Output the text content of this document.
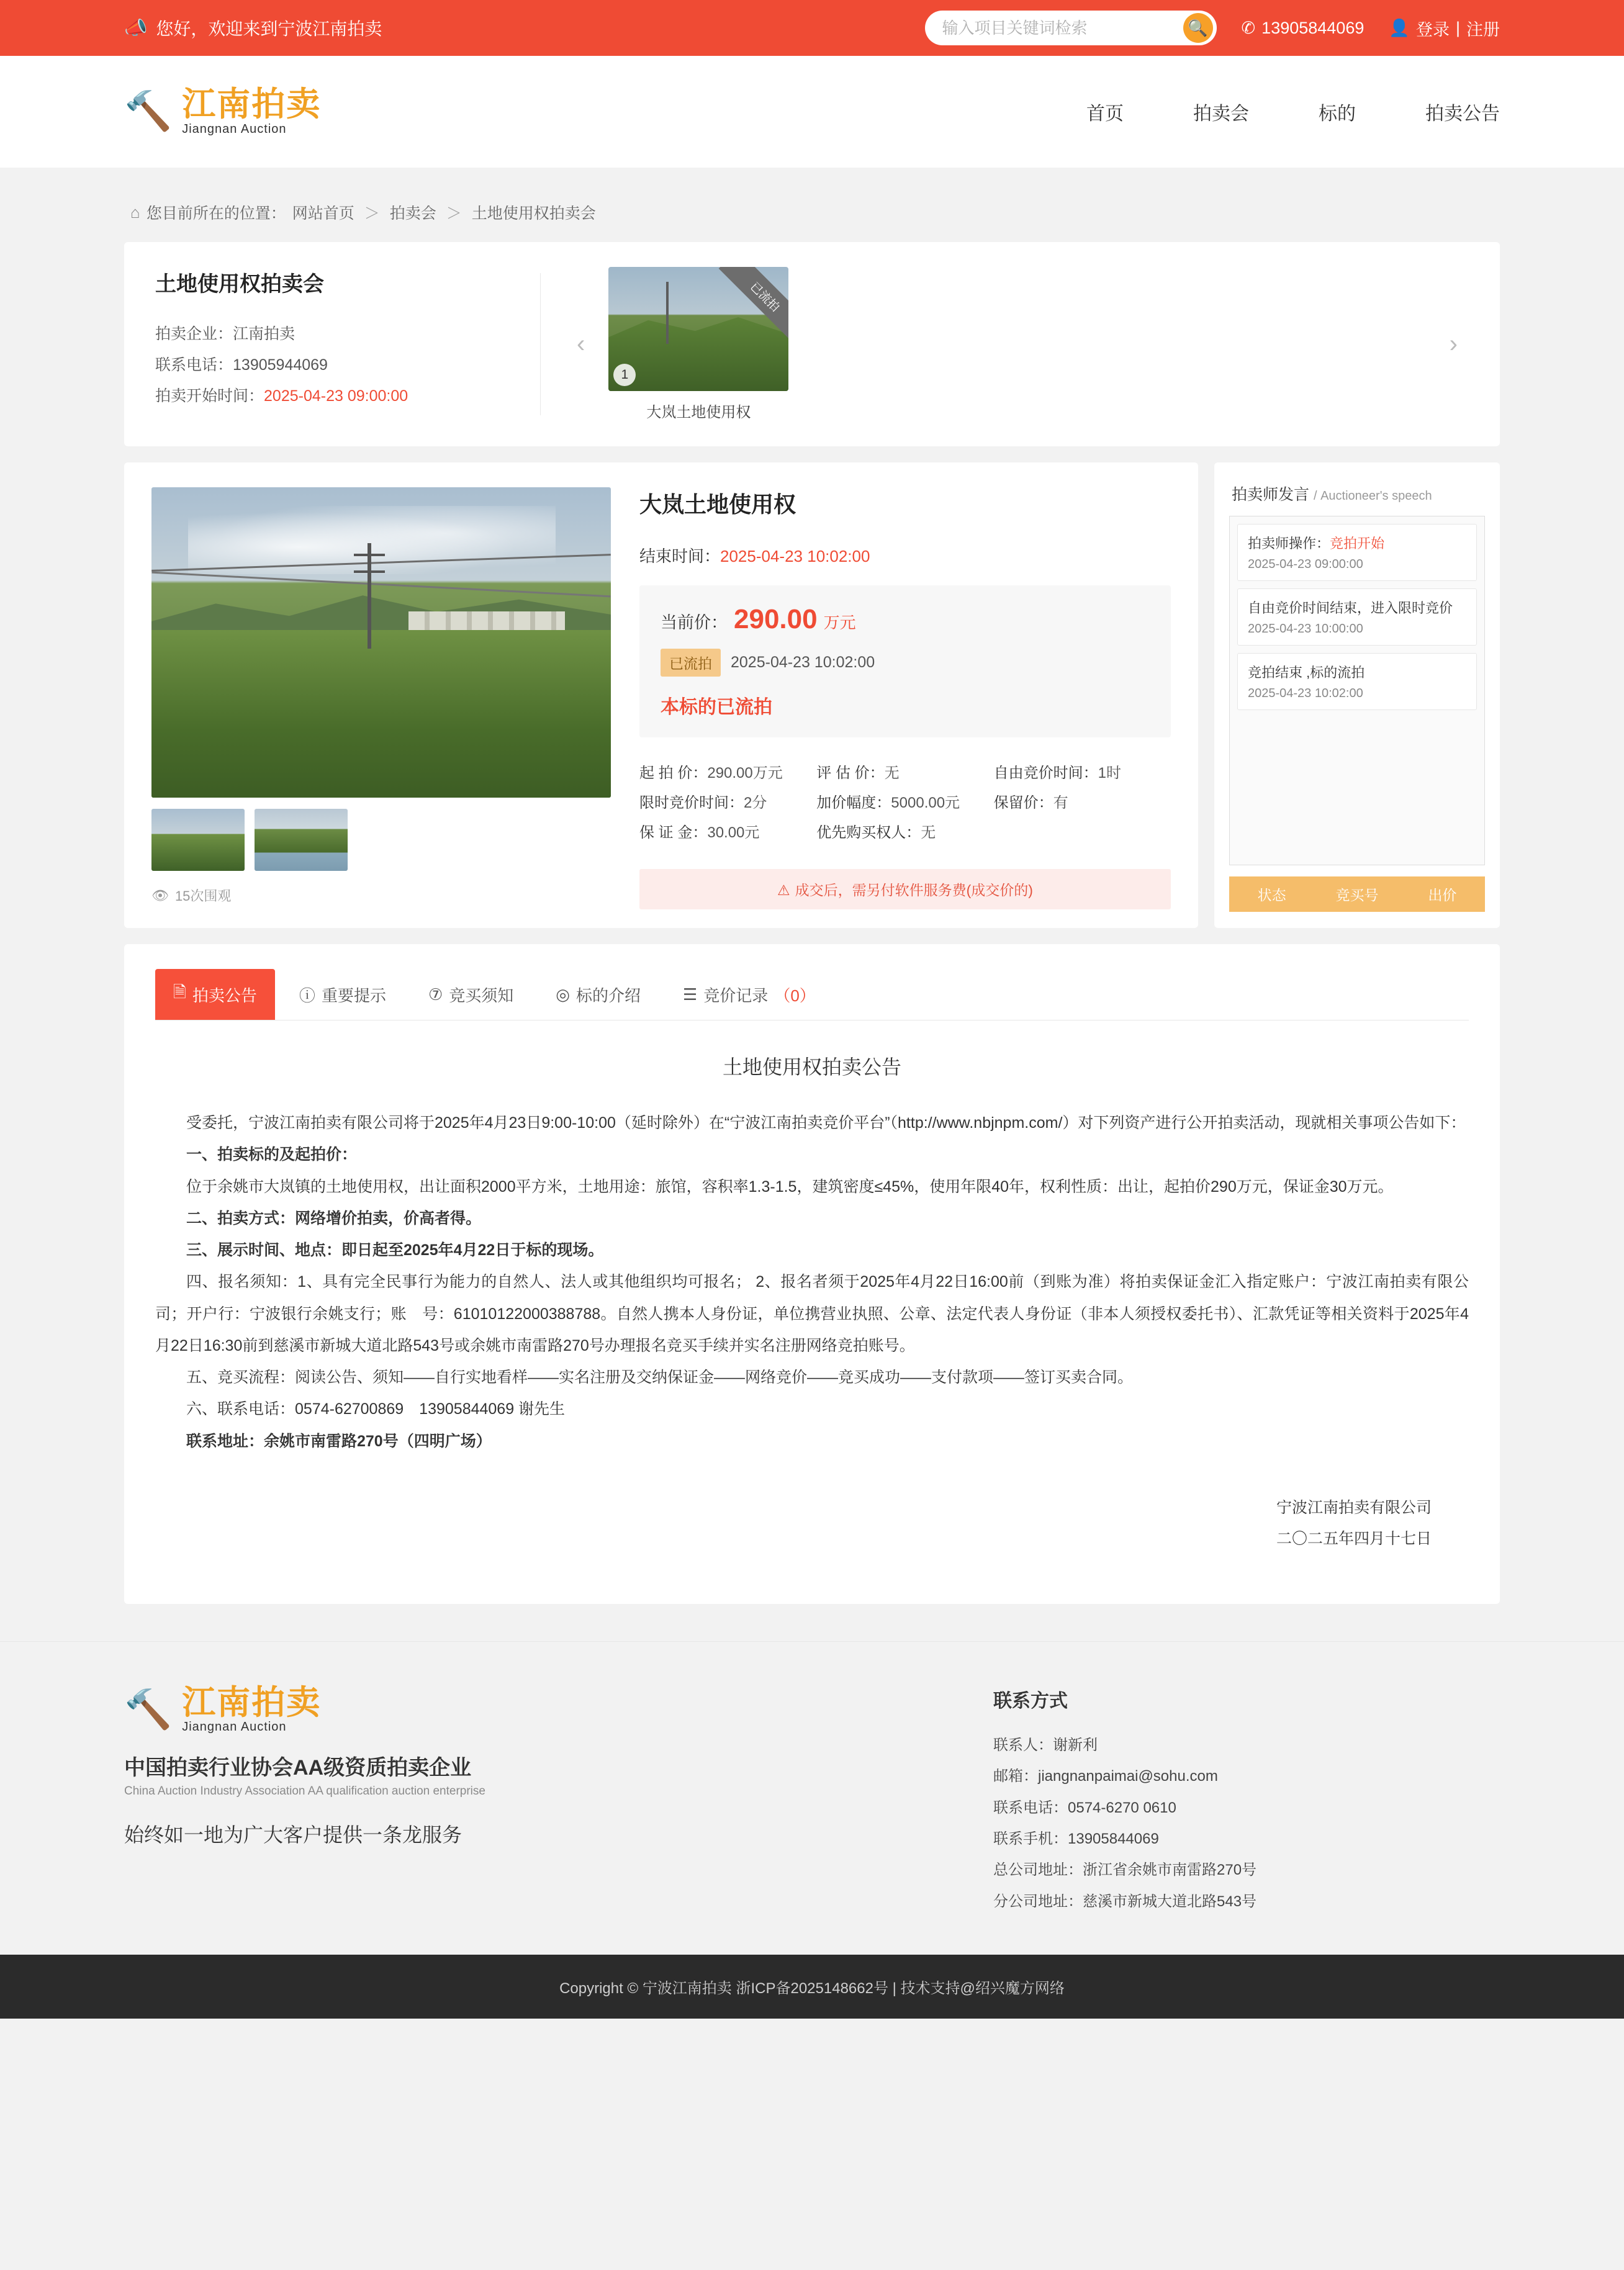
📣 您好，欢迎来到宁波江南拍卖
输入项目关键词检索	🔍 ✆ 13905844069 👤 登录 | 注册
🔨 江南拍卖
Jiangnan Auction
首页	拍卖会	标的	拍卖公告
⌂ 您目前所在的位置： 网站首页 ＞ 拍卖会 ＞ 土地使用权拍卖会
土地使用权拍卖会
拍卖企业：江南拍卖
联系电话：13905944069
拍卖开始时间：2025-04-23 09:00:00
‹
已流拍
1
大岚土地使用权
›
👁 15次围观
大岚土地使用权
结束时间：2025-04-23 10:02:00
当前价： 290.00 万元
已流拍	2025-04-23 10:02:00
本标的已流拍
起 拍 价：290.00万元	评 估 价：无	自由竞价时间：1时
限时竞价时间：2分	加价幅度：5000.00元	保留价：有
保 证 金：30.00元	优先购买权人：无
⚠ 成交后，需另付软件服务费(成交价的)
拍卖师发言 / Auctioneer's speech
拍卖师操作：竞拍开始
2025-04-23 09:00:00
自由竞价时间结束，进入限时竞价
2025-04-23 10:00:00
竞拍结束 ,标的流拍
2025-04-23 10:02:00
状态	竞买号	出价
🗎 拍卖公告	ⓘ 重要提示	⑦ 竞买须知	◎ 标的介绍	☰ 竞价记录 （0）
土地使用权拍卖公告

受委托，宁波江南拍卖有限公司将于2025年4月23日9:00-10:00（延时除外）在“宁波江南拍卖竞价平台”（http://www.nbjnpm.com/）对下列资产进行公开拍卖活动，现就相关事项公告如下：

一、拍卖标的及起拍价：

位于余姚市大岚镇的土地使用权，出让面积2000平方米，土地用途：旅馆，容积率1.3-1.5，建筑密度≤45%，使用年限40年，权利性质：出让，起拍价290万元，保证金30万元。

二、拍卖方式：网络增价拍卖，价高者得。

三、展示时间、地点：即日起至2025年4月22日于标的现场。

四、报名须知：1、具有完全民事行为能力的自然人、法人或其他组织均可报名； 2、报名者须于2025年4月22日16:00前（到账为准）将拍卖保证金汇入指定账户：宁波江南拍卖有限公司；开户行：宁波银行余姚支行；账　号：61010122000388788。自然人携本人身份证，单位携营业执照、公章、法定代表人身份证（非本人须授权委托书）、汇款凭证等相关资料于2025年4月22日16:30前到慈溪市新城大道北路543号或余姚市南雷路270号办理报名竞买手续并实名注册网络竞拍账号。

五、竞买流程：阅读公告、须知——自行实地看样——实名注册及交纳保证金——网络竞价——竞买成功——支付款项——签订买卖合同。

六、联系电话：0574-62700869　13905844069 谢先生

联系地址：余姚市南雷路270号（四明广场）

宁波江南拍卖有限公司
二〇二五年四月十七日
🔨 江南拍卖
Jiangnan Auction
中国拍卖行业协会AA级资质拍卖企业
China Auction Industry Association AA qualification auction enterprise
始终如一地为广大客户提供一条龙服务
联系方式
联系人：谢新利
邮箱：jiangnanpaimai@sohu.com
联系电话：0574-6270 0610
联系手机：13905844069
总公司地址：浙江省余姚市南雷路270号
分公司地址：慈溪市新城大道北路543号
Copyright © 宁波江南拍卖 浙ICP备2025148662号 | 技术支持@绍兴魔方网络
